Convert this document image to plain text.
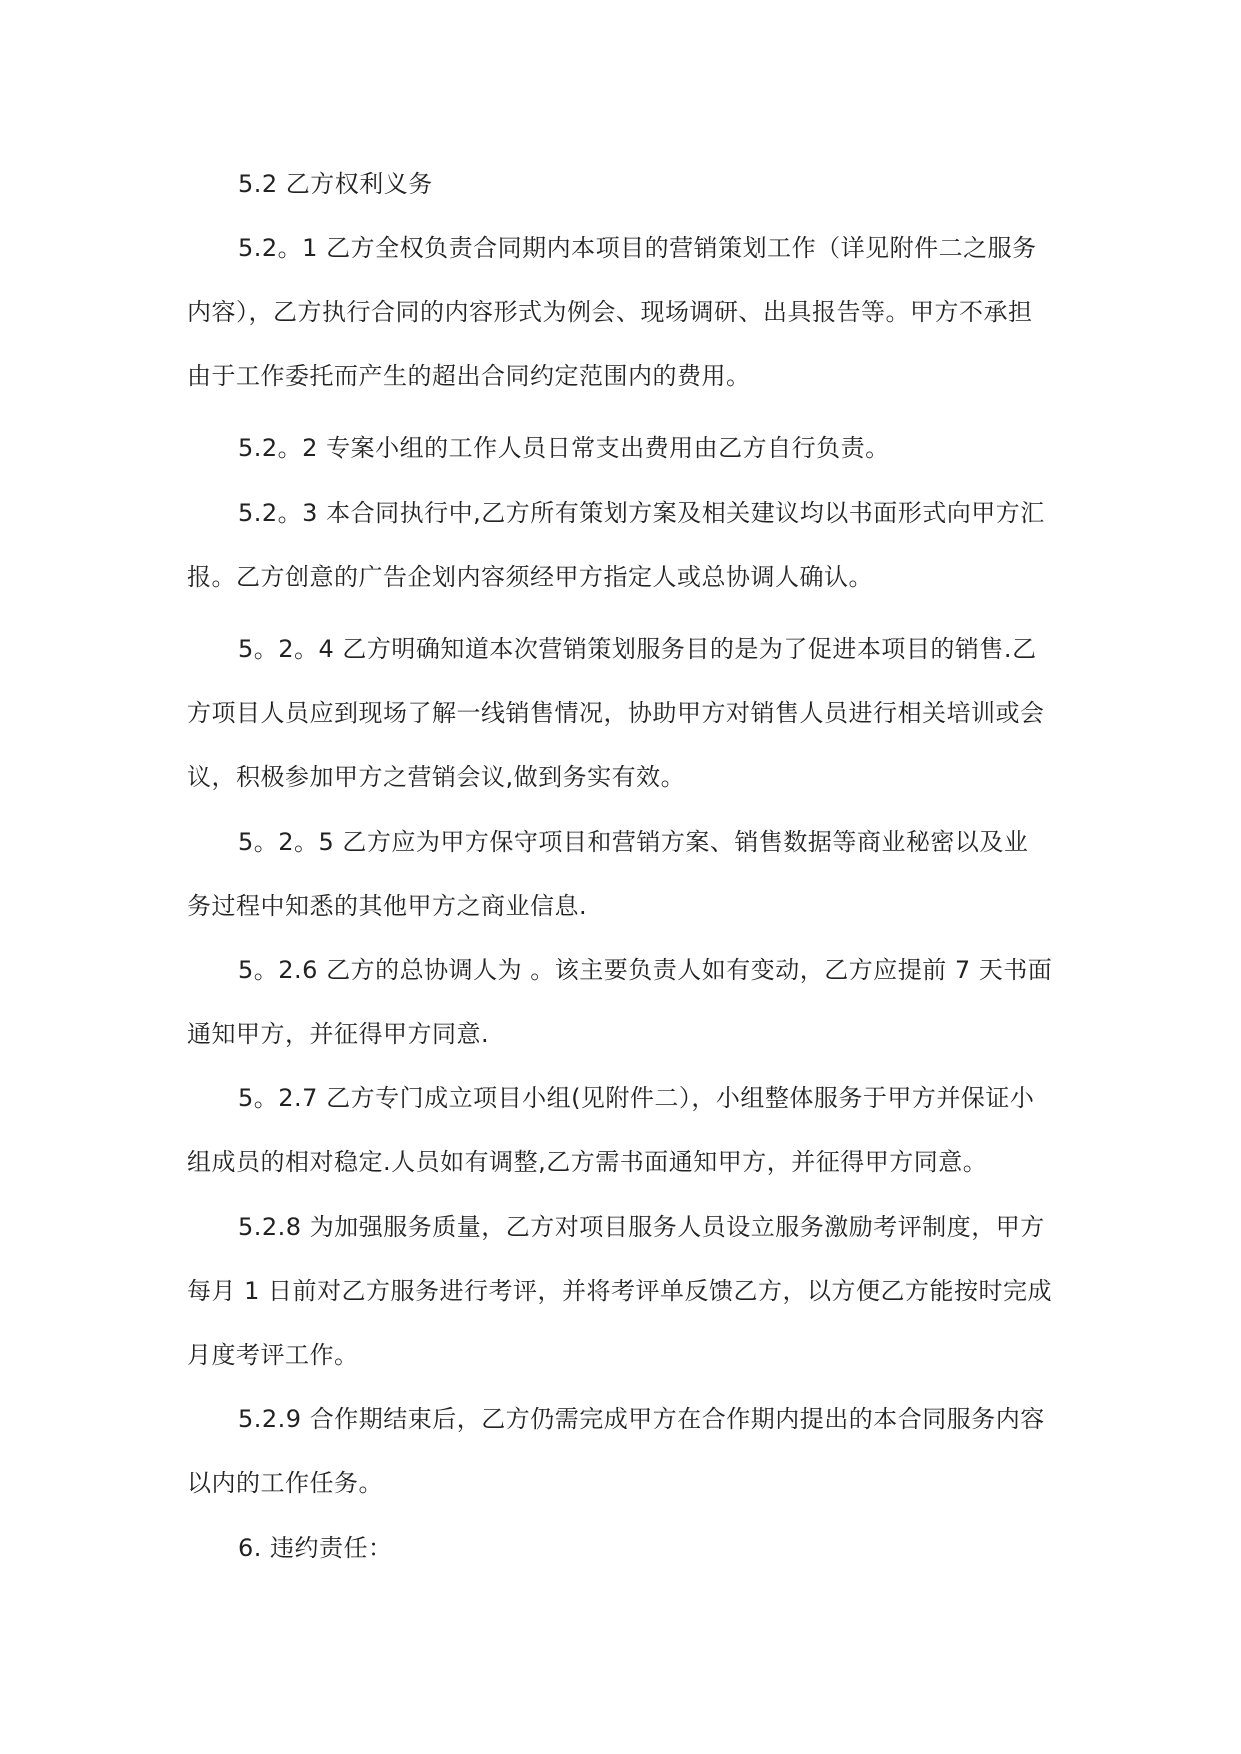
5.2 乙方权利义务
5.2。1 乙方全权负责合同期内本项目的营销策划工作（详见附件二之服务
内容），乙方执行合同的内容形式为例会、现场调研、出具报告等。甲方不承担
由于工作委托而产生的超出合同约定范围内的费用。
5.2。2 专案小组的工作人员日常支出费用由乙方自行负责。
5.2。3 本合同执行中,乙方所有策划方案及相关建议均以书面形式向甲方汇
报。乙方创意的广告企划内容须经甲方指定人或总协调人确认。
5。2。4 乙方明确知道本次营销策划服务目的是为了促进本项目的销售.乙
方项目人员应到现场了解一线销售情况，协助甲方对销售人员进行相关培训或会
议，积极参加甲方之营销会议,做到务实有效。
5。2。5 乙方应为甲方保守项目和营销方案、销售数据等商业秘密以及业
务过程中知悉的其他甲方之商业信息.
5。2.6 乙方的总协调人为 。该主要负责人如有变动，乙方应提前 7 天书面
通知甲方，并征得甲方同意.
5。2.7 乙方专门成立项目小组(见附件二），小组整体服务于甲方并保证小
组成员的相对稳定.人员如有调整,乙方需书面通知甲方，并征得甲方同意。
5.2.8 为加强服务质量，乙方对项目服务人员设立服务激励考评制度，甲方
每月 1 日前对乙方服务进行考评，并将考评单反馈乙方，以方便乙方能按时完成
月度考评工作。
5.2.9 合作期结束后，乙方仍需完成甲方在合作期内提出的本合同服务内容
以内的工作任务。
6. 违约责任：
